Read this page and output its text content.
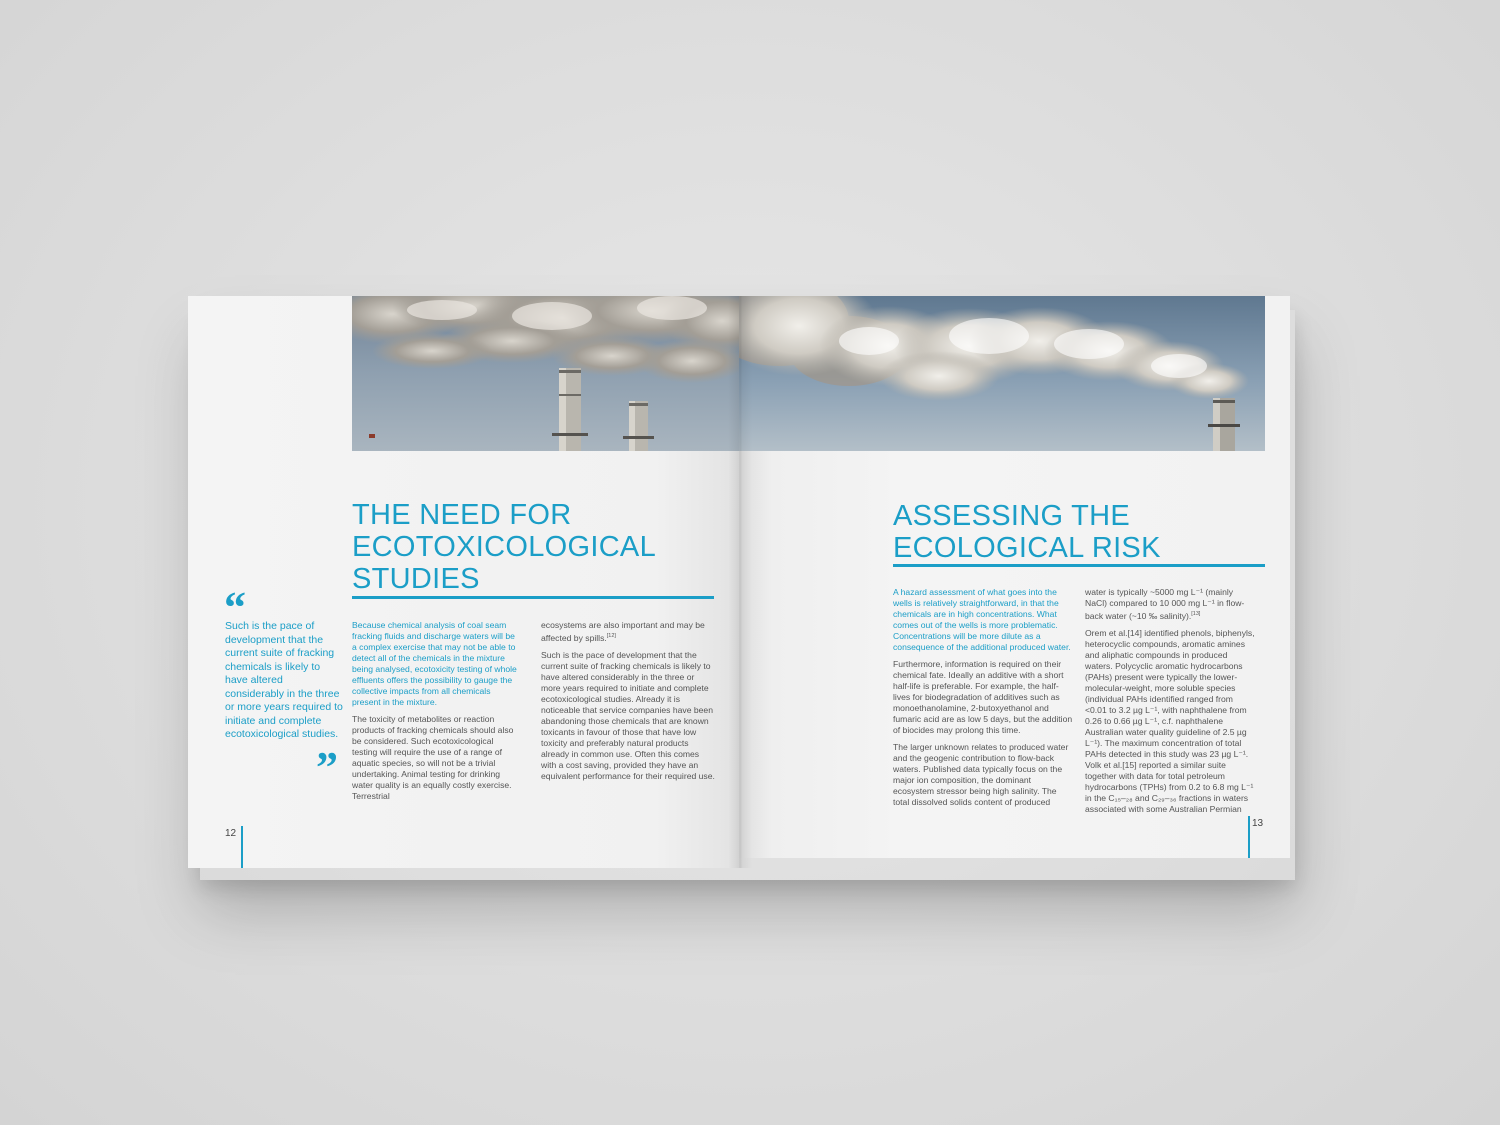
THE NEED FOR
ECOTOXICOLOGICAL
STUDIES
“
Such is the pace of development that the current suite of fracking chemicals is likely to have altered considerably in the three or more years required to initiate and complete ecotoxicological studies.
”

Because chemical analysis of coal seam fracking fluids and discharge waters will be a complex exercise that may not be able to detect all of the chemicals in the mixture being analysed, ecotoxicity testing of whole effluents offers the possibility to gauge the collective impacts from all chemicals present in the mixture.

The toxicity of metabolites or reaction products of fracking chemicals should also be considered. Such ecotoxicological testing will require the use of a range of aquatic species, so will not be a trivial undertaking. Animal testing for drinking water quality is an equally costly exercise. Terrestrial

ecosystems are also important and may be affected by spills.[12]

Such is the pace of development that the current suite of fracking chemicals is likely to have altered considerably in the three or more years required to initiate and complete ecotoxicological studies. Already it is noticeable that service companies have been abandoning those chemicals that are known toxicants in favour of those that have low toxicity and preferably natural products already in common use. Often this comes with a cost saving, provided they have an equivalent performance for their required use.

12
ASSESSING THE
ECOLOGICAL RISK

A hazard assessment of what goes into the wells is relatively straightforward, in that the chemicals are in high concentrations. What comes out of the wells is more problematic. Concentrations will be more dilute as a consequence of the additional produced water.

Furthermore, information is required on their chemical fate. Ideally an additive with a short half-life is preferable. For example, the half-lives for biodegradation of additives such as monoethanolamine, 2-butoxyethanol and fumaric acid are as low 5 days, but the addition of biocides may prolong this time.

The larger unknown relates to produced water and the geogenic contribution to flow-back waters. Published data typically focus on the major ion composition, the dominant ecosystem stressor being high salinity. The total dissolved solids content of produced

water is typically ~5000 mg L⁻¹ (mainly NaCl) compared to 10 000 mg L⁻¹ in flow-back water (~10 ‰ salinity).[13]

Orem et al.[14] identified phenols, biphenyls, heterocyclic compounds, aromatic amines and aliphatic compounds in produced waters. Polycyclic aromatic hydrocarbons (PAHs) present were typically the lower-molecular-weight, more soluble species (individual PAHs identified ranged from <0.01 to 3.2 µg L⁻¹, with naphthalene from 0.26 to 0.66 µg L⁻¹, c.f. naphthalene Australian water quality guideline of 2.5 µg L⁻¹). The maximum concentration of total PAHs detected in this study was 23 µg L⁻¹. Volk et al.[15] reported a similar suite together with data for total petroleum hydrocarbons (TPHs) from 0.2 to 6.8 mg L⁻¹ in the C₁₅–₂₈ and C₂₉–₃₆ fractions in waters associated with some Australian Permian

13
